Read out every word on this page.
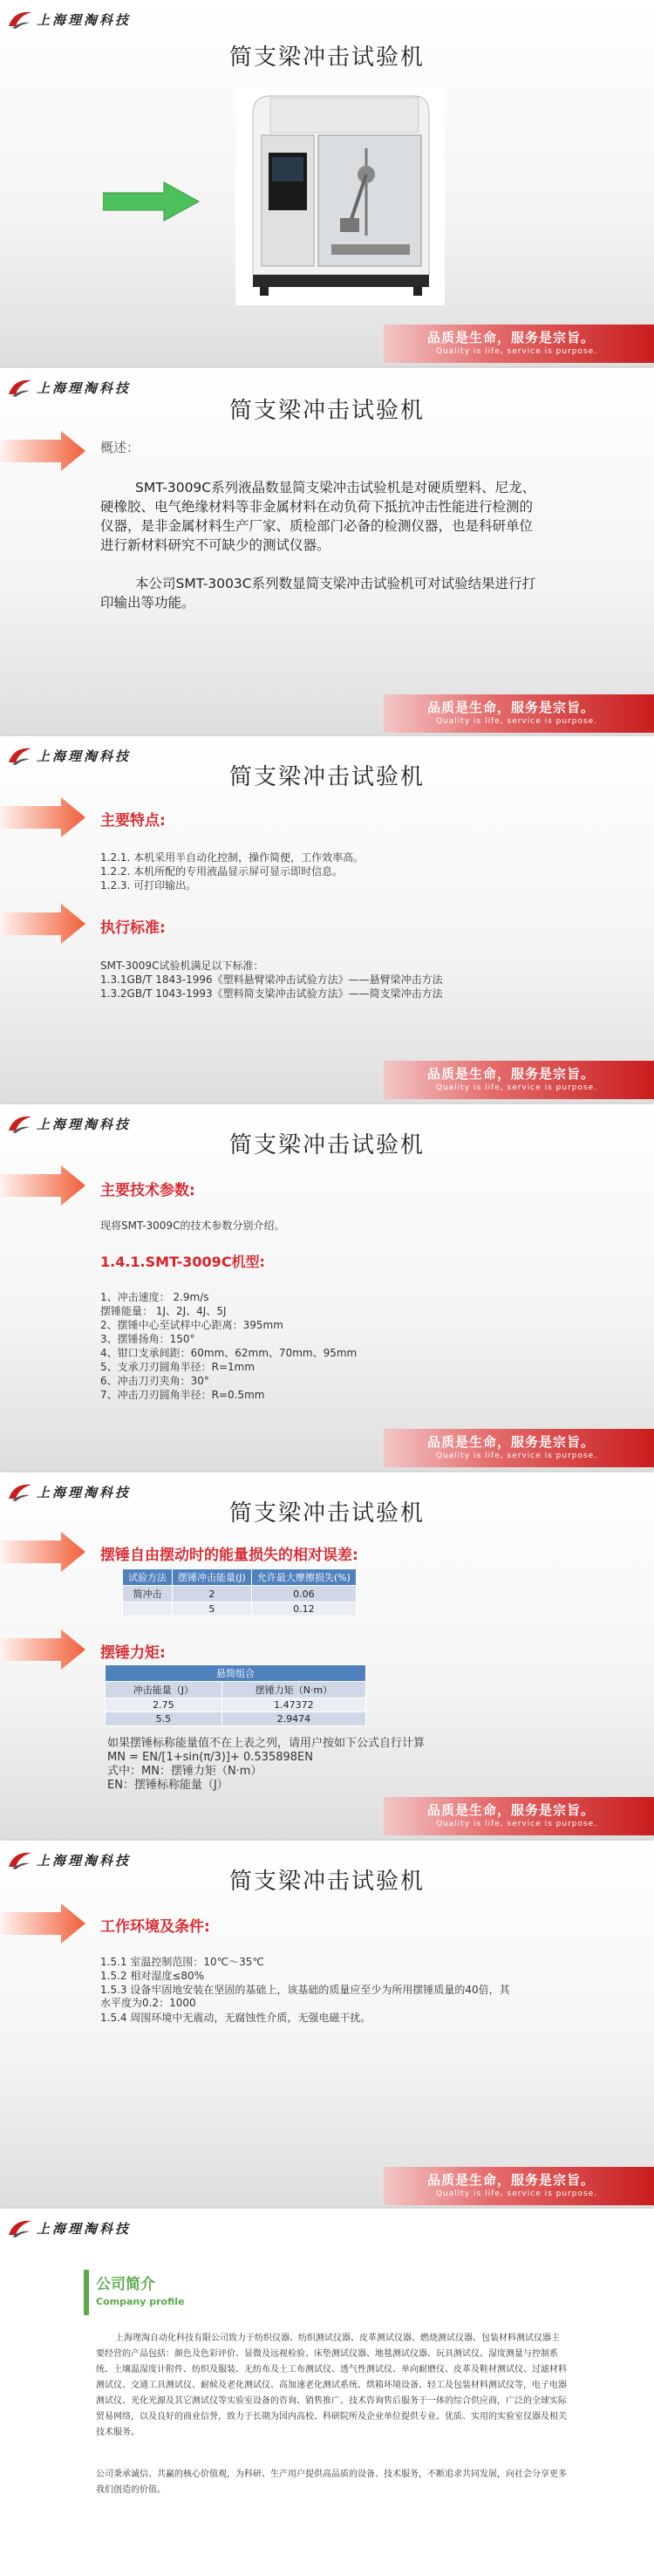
上海理淘科技
简支梁冲击试验机
品质是生命，服务是宗旨。
Quality is life, service is purpose.
上海理淘科技
简支梁冲击试验机
概述：
SMT-3009C系列液晶数显简支梁冲击试验机是对硬质塑料、尼龙、硬橡胶、电气绝缘材料等非金属材料在动负荷下抵抗冲击性能进行检测的仪器，是非金属材料生产厂家、质检部门必备的检测仪器，也是科研单位进行新材料研究不可缺少的测试仪器。
本公司SMT-3003C系列数显简支梁冲击试验机可对试验结果进行打印输出等功能。
品质是生命，服务是宗旨。
Quality is life, service is purpose.
上海理淘科技
简支梁冲击试验机
主要特点:
1.2.1. 本机采用半自动化控制，操作简便，工作效率高。
1.2.2. 本机所配的专用液晶显示屏可显示即时信息。
1.2.3. 可打印输出。
执行标准:
SMT-3009C试验机满足以下标准：
1.3.1GB/T 1843-1996《塑料悬臂梁冲击试验方法》——悬臂梁冲击方法
1.3.2GB/T 1043-1993《塑料简支梁冲击试验方法》——简支梁冲击方法
品质是生命，服务是宗旨。
Quality is life, service is purpose.
上海理淘科技
简支梁冲击试验机
主要技术参数:
现将SMT-3009C的技术参数分别介绍。
1.4.1.SMT-3009C机型:
1、冲击速度： 2.9m/s
摆锤能量： 1J、2J、4J、5J
2、摆锤中心至试样中心距离：395mm
3、摆锤扬角：150°
4、钳口支承间距：60mm、62mm、70mm、95mm
5、支承刀刃圆角半径：R=1mm
6、冲击刀刃夹角：30°
7、冲击刀刃圆角半径：R=0.5mm
品质是生命，服务是宗旨。
Quality is life, service is purpose.
上海理淘科技
简支梁冲击试验机
摆锤自由摆动时的能量损失的相对误差:
试验方法	摆锤冲击能量(J)	允许最大摩擦损失(%)
简冲击	2	0.06
	5	0.12
摆锤力矩:
悬简组合	
冲击能量（J）	摆锤力矩（N·m）
2.75	1.47372
5.5	2.9474
如果摆锤标称能量值不在上表之列，请用户按如下公式自行计算
MN = EN/[1+sin(π/3)]+ 0.535898EN
式中：MN：摆锤力矩（N·m）
EN：摆锤标称能量（J）
品质是生命，服务是宗旨。
Quality is life, service is purpose.
上海理淘科技
简支梁冲击试验机
工作环境及条件:
1.5.1 室温控制范围：10℃～35℃
1.5.2 相对湿度≤80%
1.5.3 设备牢固地安装在坚固的基础上，该基础的质量应至少为所用摆锤质量的40倍，其水平度为0.2：1000
1.5.4 周围环境中无震动，无腐蚀性介质，无强电磁干扰。
品质是生命，服务是宗旨。
Quality is life, service is purpose.
上海理淘科技
公司简介
Company profile
上海理淘自动化科技有限公司致力于纺织仪器、纺织测试仪器、皮革测试仪器、燃烧测试仪器、包装材料测试仪器主要经营的产品包括：颜色及色彩评价、显微及远视检验、床垫测试仪器、地毯测试仪器、玩具测试仪、湿度测量与控制系统、土壤温湿度计附件、纺织及服装、无纺布及土工布测试仪、透气性测试仪、单向耐磨仪、皮革及鞋材测试仪、过滤材料测试仪、交通工具测试仪、耐候及老化测试仪、高加速老化测试系统、烘箱环境设备、轻工及包装材料测试仪等，电子电器测试仪、光化光源及其它测试仪等实验室设备的咨询、销售推广、技术咨询售后服务于一体的综合供应商，广泛的全球实际贸易网络，以及良好的商业信誉，致力于长期为国内高校、科研院所及企业单位提供专业、优质、实用的实验室仪器及相关技术服务。
公司秉承诚信、共赢的核心价值观，为科研、生产用户提供高品质的设备、技术服务，不断追求共同发展，向社会分享更多我们创造的价值。
